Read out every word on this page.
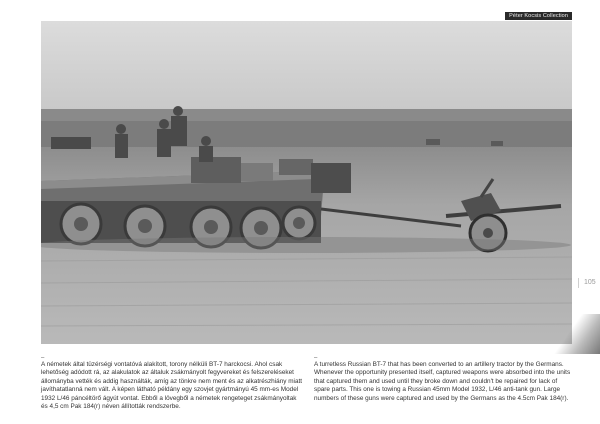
Péter Kocsis Collection
105
–
A németek által tüzérségi vontatóvá alakított, torony nélküli BT-7 harckocsi. Ahol csak lehetőség adódott rá, az alakulatok az általuk zsákmányolt fegyvereket és felszereléseket állományba vették és addig használták, amíg az tönkre nem ment és az alkatrészhiány miatt javíthatatlanná nem vált. A képen látható példány egy szovjet gyártmányú 45 mm-es Model 1932 L/46 páncéltörő ágyút vontat. Ebből a lövegből a németek rengeteget zsákmányoltak és 4,5 cm Pak 184(r) néven állították rendszerbe.
–
A turretless Russian BT-7 that has been converted to an artillery tractor by the Germans. Whenever the opportunity presented itself, captured weapons were absorbed into the units that captured them and used until they broke down and couldn't be repaired for lack of spare parts. This one is towing a Russian 45mm Model 1932, L/46 anti-tank gun. Large numbers of these guns were captured and used by the Germans as the 4.5cm Pak 184(r).
